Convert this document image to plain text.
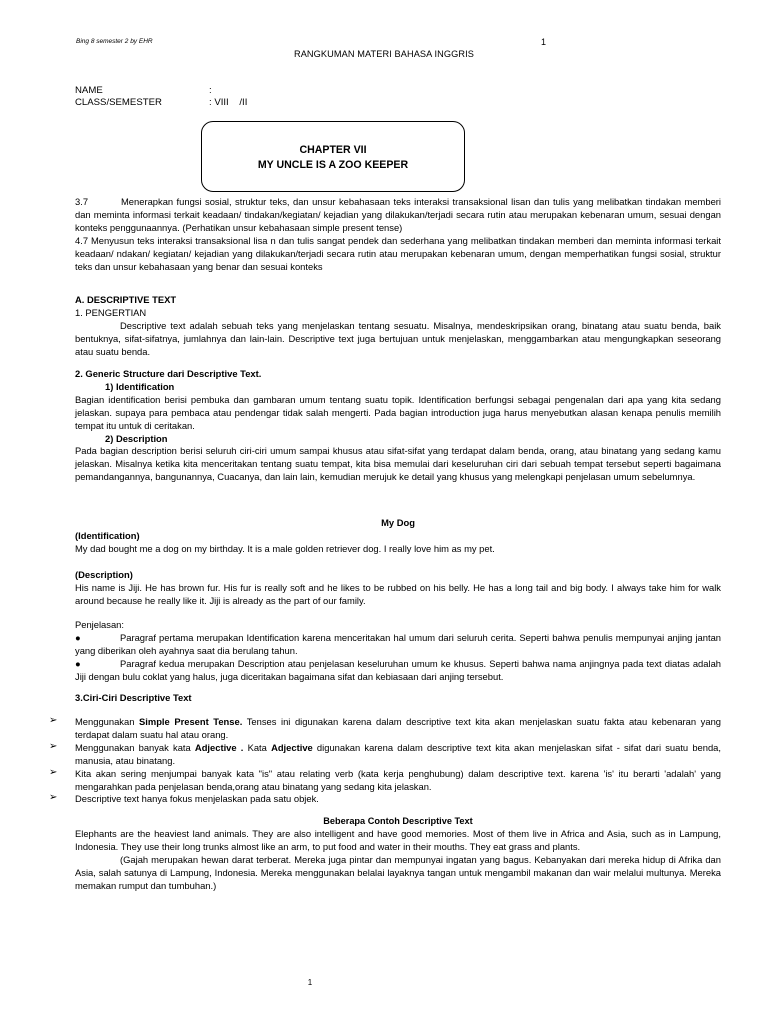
Bing 8 semester 2 by EHR	1
RANGKUMAN MATERI BAHASA INGGRIS
NAME	:
CLASS/SEMESTER	: VIII    /II
CHAPTER VII
MY UNCLE IS A ZOO KEEPER

3.7	Menerapkan fungsi sosial, struktur teks, dan unsur kebahasaan teks interaksi transaksional lisan dan tulis yang melibatkan tindakan memberi dan meminta informasi terkait keadaan/ tindakan/kegiatan/ kejadian yang dilakukan/terjadi secara rutin atau merupakan kebenaran umum, sesuai dengan konteks penggunaannya. (Perhatikan unsur kebahasaan simple present tense)

4.7 Menyusun teks interaksi transaksional lisa n dan tulis sangat pendek dan sederhana yang melibatkan tindakan memberi dan meminta informasi terkait keadaan/ ndakan/ kegiatan/ kejadian yang dilakukan/terjadi secara rutin atau merupakan kebenaran umum, dengan memperhatikan fungsi sosial, struktur teks dan unsur kebahasaan yang benar dan sesuai konteks

A. DESCRIPTIVE TEXT

1. PENGERTIAN

Descriptive text adalah sebuah teks yang menjelaskan tentang sesuatu. Misalnya, mendeskripsikan orang, binatang atau suatu benda, baik bentuknya, sifat-sifatnya, jumlahnya dan lain-lain. Descriptive text juga bertujuan untuk menjelaskan, menggambarkan atau mengungkapkan seseorang atau suatu benda.

2. Generic Structure dari Descriptive Text.

1) Identification

Bagian identification berisi pembuka dan gambaran umum tentang suatu topik. Identification berfungsi sebagai pengenalan dari apa yang kita sedang jelaskan. supaya para pembaca atau pendengar tidak salah mengerti. Pada bagian introduction juga harus menyebutkan alasan kenapa penulis memilih tempat itu untuk di ceritakan.

2) Description

Pada bagian description berisi seluruh ciri-ciri umum sampai khusus atau sifat-sifat yang terdapat dalam benda, orang, atau binatang yang sedang kamu jelaskan. Misalnya ketika kita menceritakan tentang suatu tempat, kita bisa memulai dari keseluruhan ciri dari sebuah tempat tersebut seperti bagaimana pemandangannya, bangunannya, Cuacanya, dan lain lain, kemudian merujuk ke detail yang khusus yang melengkapi penjelasan umum sebelumnya.

My Dog

(Identification)

My dad bought me a dog on my birthday. It is a male golden retriever dog. I really love him as my pet.

(Description)

His name is Jiji. He has brown fur. His fur is really soft and he likes to be rubbed on his belly. He has a long tail and big body. I always take him for walk around because he really like it. Jiji is already as the part of our family.

Penjelasan:

●	Paragraf pertama merupakan Identification karena menceritakan hal umum dari seluruh cerita. Seperti bahwa penulis mempunyai anjing jantan yang diberikan oleh ayahnya saat dia berulang tahun.

●	Paragraf kedua merupakan Description atau penjelasan keseluruhan umum ke khusus. Seperti bahwa nama anjingnya pada text diatas adalah Jiji dengan bulu coklat yang halus, juga diceritakan bagaimana sifat dan kebiasaan dari anjing tersebut.

3.Ciri-Ciri Descriptive Text

➢ Menggunakan Simple Present Tense. Tenses ini digunakan karena dalam descriptive text kita akan menjelaskan suatu fakta atau kebenaran yang terdapat dalam suatu hal atau orang.

➢ Menggunakan banyak kata Adjective . Kata Adjective digunakan karena dalam descriptive text kita akan menjelaskan sifat - sifat dari suatu benda, manusia, atau binatang.

➢ Kita akan sering menjumpai banyak kata "is" atau relating verb (kata kerja penghubung) dalam descriptive text. karena 'is' itu berarti 'adalah' yang mengarahkan pada penjelasan benda,orang atau binatang yang sedang kita jelaskan.

➢ Descriptive text hanya fokus menjelaskan pada satu objek.

Beberapa Contoh Descriptive Text

Elephants are the heaviest land animals. They are also intelligent and have good memories. Most of them live in Africa and Asia, such as in Lampung, Indonesia. They use their long trunks almost like an arm, to put food and water in their mouths. They eat grass and plants.

(Gajah merupakan hewan darat terberat. Mereka juga pintar dan mempunyai ingatan yang bagus. Kebanyakan dari mereka hidup di Afrika dan Asia, salah satunya di Lampung, Indonesia. Mereka menggunakan belalai layaknya tangan untuk mengambil makanan dan wair melalui multunya. Mereka memakan rumput dan tumbuhan.)

1
